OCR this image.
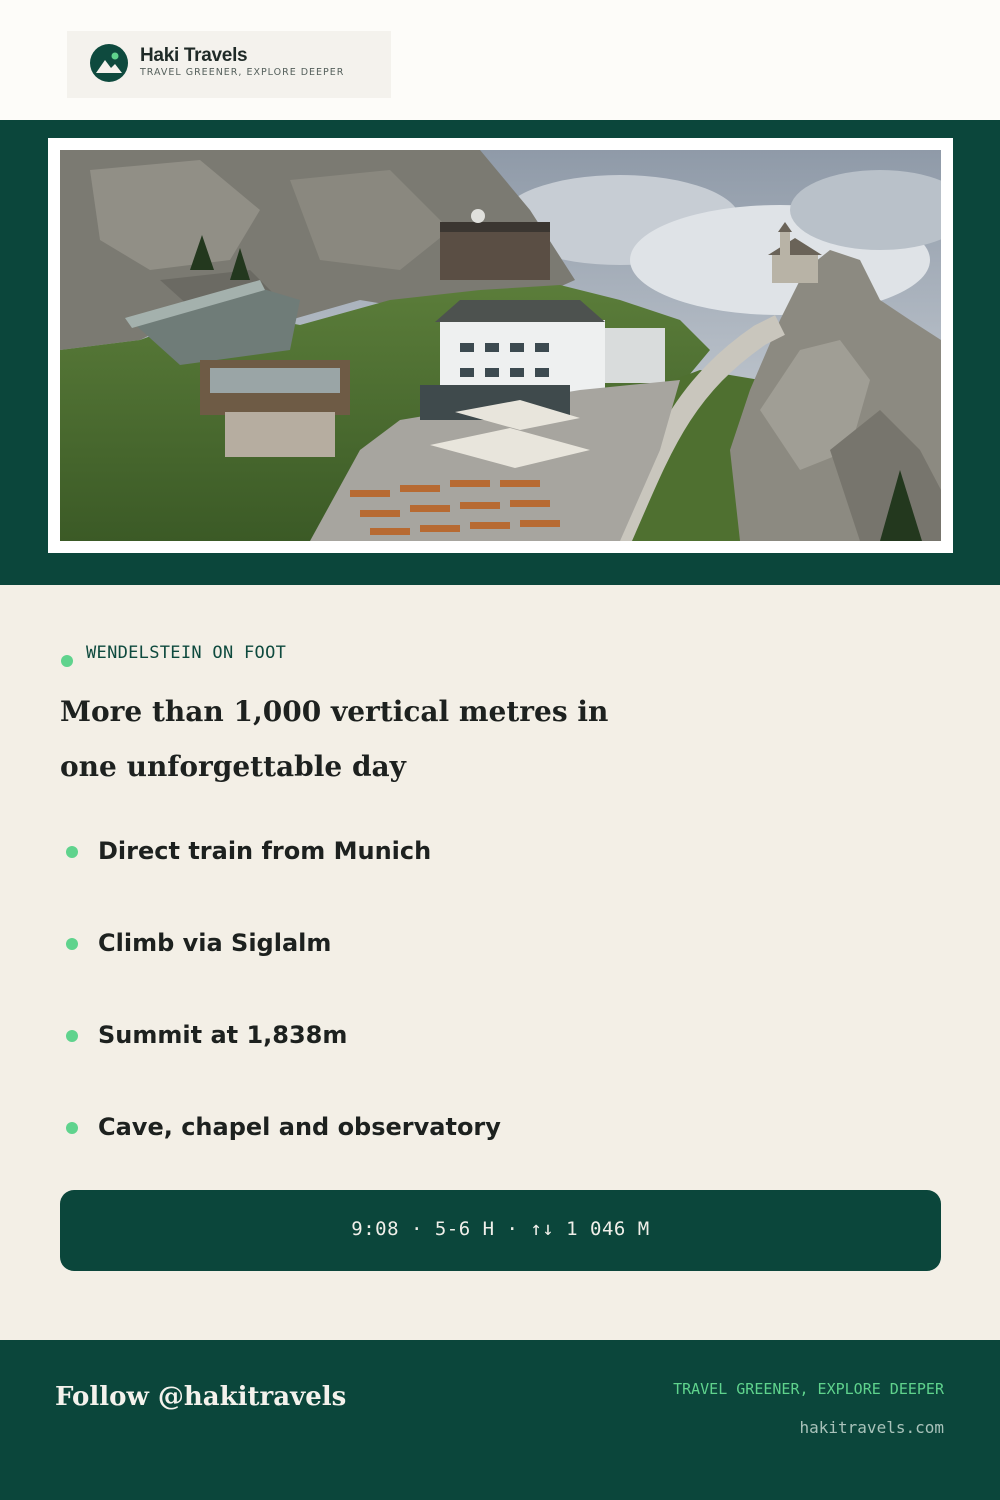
Haki Travels
TRAVEL GREENER, EXPLORE DEEPER
WENDELSTEIN ON FOOT
More than 1,000 vertical metres in one unforgettable day
Direct train from Munich
Climb via Siglalm
Summit at 1,838m
Cave, chapel and observatory
9:08 · 5-6 H · ↑↓ 1 046 M
Follow @hakitravels	TRAVEL GREENER, EXPLORE DEEPER
hakitravels.com
